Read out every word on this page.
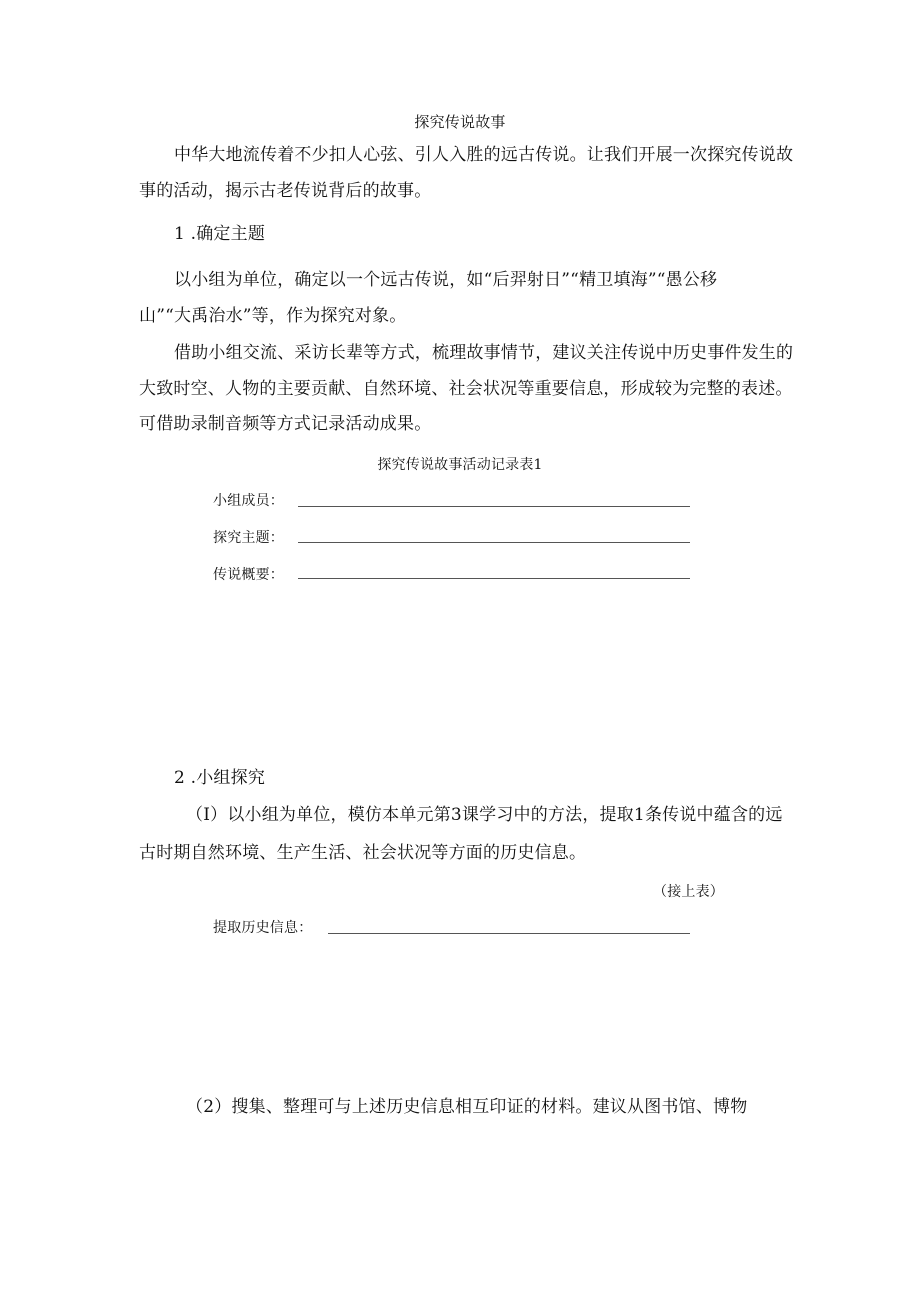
探究传说故事
中华大地流传着不少扣人心弦、引人入胜的远古传说。让我们开展一次探究传说故
事的活动，揭示古老传说背后的故事。
1 .确定主题
以小组为单位，确定以一个远古传说，如“后羿射日”“精卫填海”“愚公移
山”“大禹治水”等，作为探究对象。
借助小组交流、采访长辈等方式，梳理故事情节，建议关注传说中历史事件发生的
大致时空、人物的主要贡献、自然环境、社会状况等重要信息，形成较为完整的表述。
可借助录制音频等方式记录活动成果。
探究传说故事活动记录表1
小组成员：
探究主题：
传说概要：
2 .小组探究
（I）以小组为单位，模仿本单元第3课学习中的方法，提取1条传说中蕴含的远
古时期自然环境、生产生活、社会状况等方面的历史信息。
（接上表）
提取历史信息：
（2）搜集、整理可与上述历史信息相互印证的材料。建议从图书馆、博物
